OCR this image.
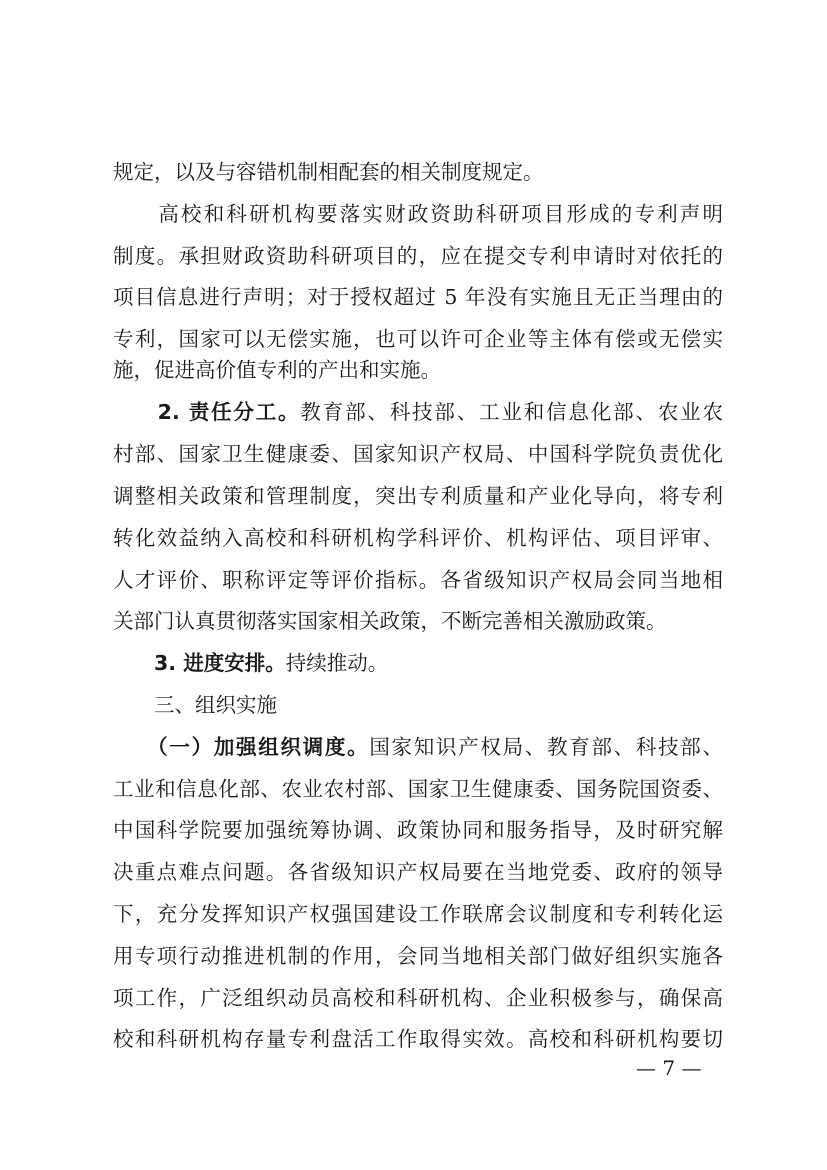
规定，以及与容错机制相配套的相关制度规定。
　　高校和科研机构要落实财政资助科研项目形成的专利声明
制度。承担财政资助科研项目的，应在提交专利申请时对依托的
项目信息进行声明；对于授权超过 5 年没有实施且无正当理由的
专利，国家可以无偿实施，也可以许可企业等主体有偿或无偿实
施，促进高价值专利的产出和实施。
　　2. 责任分工。教育部、科技部、工业和信息化部、农业农
村部、国家卫生健康委、国家知识产权局、中国科学院负责优化
调整相关政策和管理制度，突出专利质量和产业化导向，将专利
转化效益纳入高校和科研机构学科评价、机构评估、项目评审、
人才评价、职称评定等评价指标。各省级知识产权局会同当地相
关部门认真贯彻落实国家相关政策，不断完善相关激励政策。
　　3. 进度安排。持续推动。
　　三、组织实施
　　（一）加强组织调度。国家知识产权局、教育部、科技部、
工业和信息化部、农业农村部、国家卫生健康委、国务院国资委、
中国科学院要加强统筹协调、政策协同和服务指导，及时研究解
决重点难点问题。各省级知识产权局要在当地党委、政府的领导
下，充分发挥知识产权强国建设工作联席会议制度和专利转化运
用专项行动推进机制的作用，会同当地相关部门做好组织实施各
项工作，广泛组织动员高校和科研机构、企业积极参与，确保高
校和科研机构存量专利盘活工作取得实效。高校和科研机构要切
— 7 —
